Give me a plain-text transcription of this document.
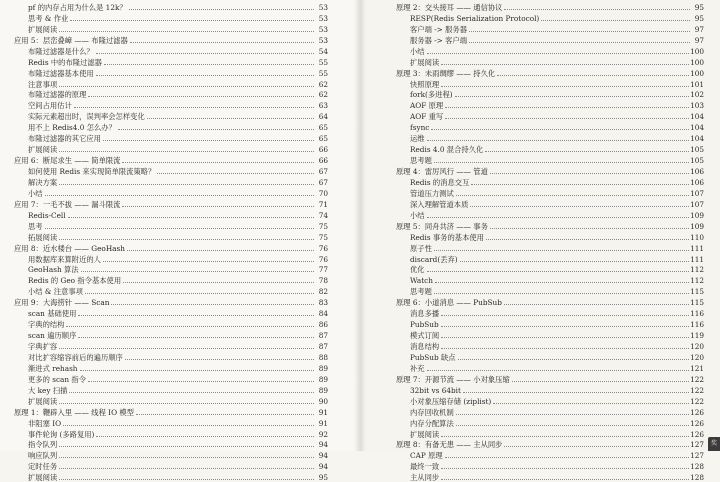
pf 的内存占用为什么是 12k？	53
思考 & 作业	53
扩展阅读	53
应用 5：层峦叠嶂 —— 布隆过滤器	53
布隆过滤器是什么？	54
Redis 中的布隆过滤器	55
布隆过滤器基本使用	55
注意事项	62
布隆过滤器的原理	62
空间占用估计	63
实际元素超出时，误判率会怎样变化	64
用不上 Redis4.0 怎么办？	65
布隆过滤器的其它应用	65
扩展阅读	66
应用 6：断尾求生 —— 简单限流	66
如何使用 Redis 来实现简单限流策略？	67
解决方案	67
小结	70
应用 7：一毛不拔 —— 漏斗限流	71
Redis-Cell	74
思考	75
拓展阅读	75
应用 8：近水楼台 —— GeoHash	76
用数据库来算附近的人	76
GeoHash 算法	77
Redis 的 Geo 指令基本使用	78
小结 & 注意事项	82
应用 9：大海捞针 —— Scan	83
scan 基础使用	84
字典的结构	86
scan 遍历顺序	87
字典扩容	87
对比扩容缩容前后的遍历顺序	88
渐进式 rehash	89
更多的 scan 指令	89
大 key 扫描	89
扩展阅读	90
原理 1：鞭辟入里 —— 线程 IO 模型	91
非阻塞 IO	91
事件轮询 (多路复用)	92
指令队列	94
响应队列	94
定时任务	94
扩展阅读	95
原理 2：交头接耳 —— 通信协议	95
RESP(Redis Serialization Protocol)	95
客户端 -> 服务器	97
服务器 -> 客户端	97
小结	100
扩展阅读	100
原理 3：未雨绸缪 —— 持久化	100
快照原理	101
fork(多进程)	102
AOF 原理	103
AOF 重写	104
fsync	104
运维	104
Redis 4.0 混合持久化	105
思考题	105
原理 4：雷厉风行 —— 管道	106
Redis 的消息交互	106
管道压力测试	107
深入理解管道本质	107
小结	109
原理 5：同舟共济 —— 事务	109
Redis 事务的基本使用	110
原子性	111
discard(丢弃)	111
优化	112
Watch	112
思考题	115
原理 6：小道消息 —— PubSub	115
消息多播	116
PubSub	116
模式订阅	119
消息结构	120
PubSub 缺点	120
补充	121
原理 7：开源节流 —— 小对象压缩	122
32bit vs 64bit	122
小对象压缩存储 (ziplist)	122
内存回收机制	126
内存分配算法	126
扩展阅读	126
原理 8：有备无患 —— 主从同步	127
CAP 原理	127
最终一致	128
主从同步	128
奖
